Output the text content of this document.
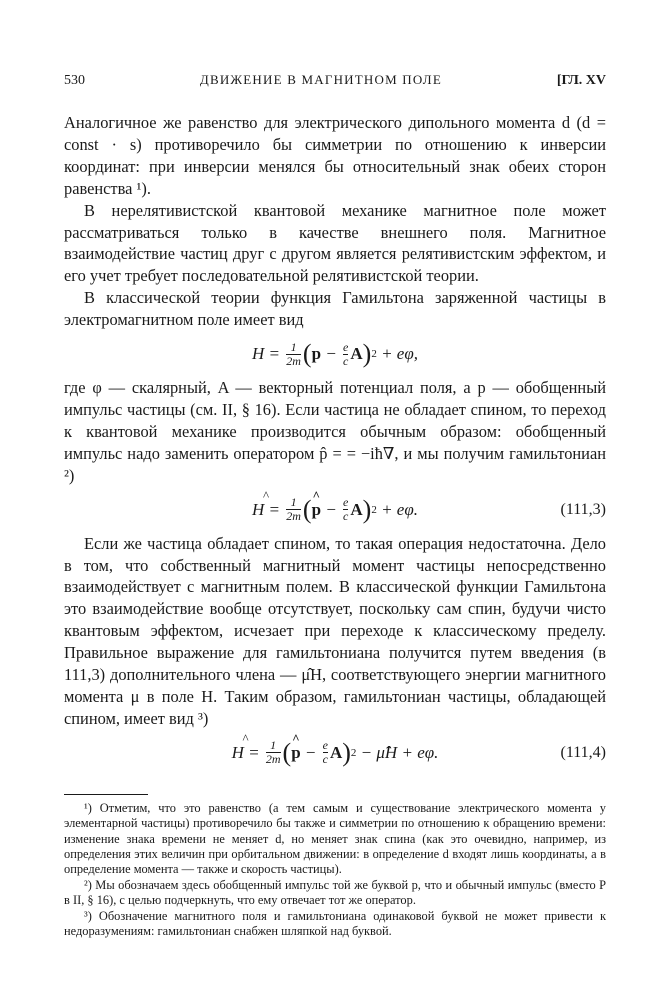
530	ДВИЖЕНИЕ В МАГНИТНОМ ПОЛЕ	[ГЛ. XV

Аналогичное же равенство для электрического дипольного момента d (d = const · s) противоречило бы симметрии по отношению к инверсии координат: при инверсии менялся бы относительный знак обеих сторон равенства ¹).

В нерелятивистской квантовой механике магнитное поле может рассматриваться только в качестве внешнего поля. Магнитное взаимодействие частиц друг с другом является релятивистским эффектом, и его учет требует последовательной релятивистской теории.

В классической теории функция Гамильтона заряженной частицы в электромагнитном поле имеет вид

H =
$\frac{1}{2m}$ ( p
−
$\frac{e}{c}$ A ) 2
+ eφ,

где φ — скалярный, A — векторный потенциал поля, а p — обобщенный импульс частицы (см. II, § 16). Если частица не обладает спином, то переход к квантовой механике производится обычным образом: обобщенный импульс надо заменить оператором p̂ = = −iħ∇, и мы получим гамильтониан ²)

^ H =
$\frac{1}{2m}$ ( ^ p
−
$\frac{e}{c}$ A ) 2
+ eφ.	(111,3)

Если же частица обладает спином, то такая операция недостаточна. Дело в том, что собственный магнитный момент частицы непосредственно взаимодействует с магнитным полем. В классической функции Гамильтона это взаимодействие вообще отсутствует, поскольку сам спин, будучи чисто квантовым эффектом, исчезает при переходе к классическому пределу. Правильное выражение для гамильтониана получится путем введения (в 111,3) дополнительного члена — μ̂H, соответствующего энергии магнитного момента μ в поле H. Таким образом, гамильтониан частицы, обладающей спином, имеет вид ³)

^ H =
$\frac{1}{2m}$ ( ^ p
−
$\frac{e}{c}$ A ) 2
− μ̂H
+ eφ.	(111,4)

¹) Отметим, что это равенство (а тем самым и существование электрического момента у элементарной частицы) противоречило бы также и симметрии по отношению к обращению времени: изменение знака времени не меняет d, но меняет знак спина (как это очевидно, например, из определения этих величин при орбитальном движении: в определение d входят лишь координаты, а в определение момента — также и скорость частицы).

²) Мы обозначаем здесь обобщенный импульс той же буквой p, что и обычный импульс (вместо P в II, § 16), с целью подчеркнуть, что ему отвечает тот же оператор.

³) Обозначение магнитного поля и гамильтониана одинаковой буквой не может привести к недоразумениям: гамильтониан снабжен шляпкой над буквой.
